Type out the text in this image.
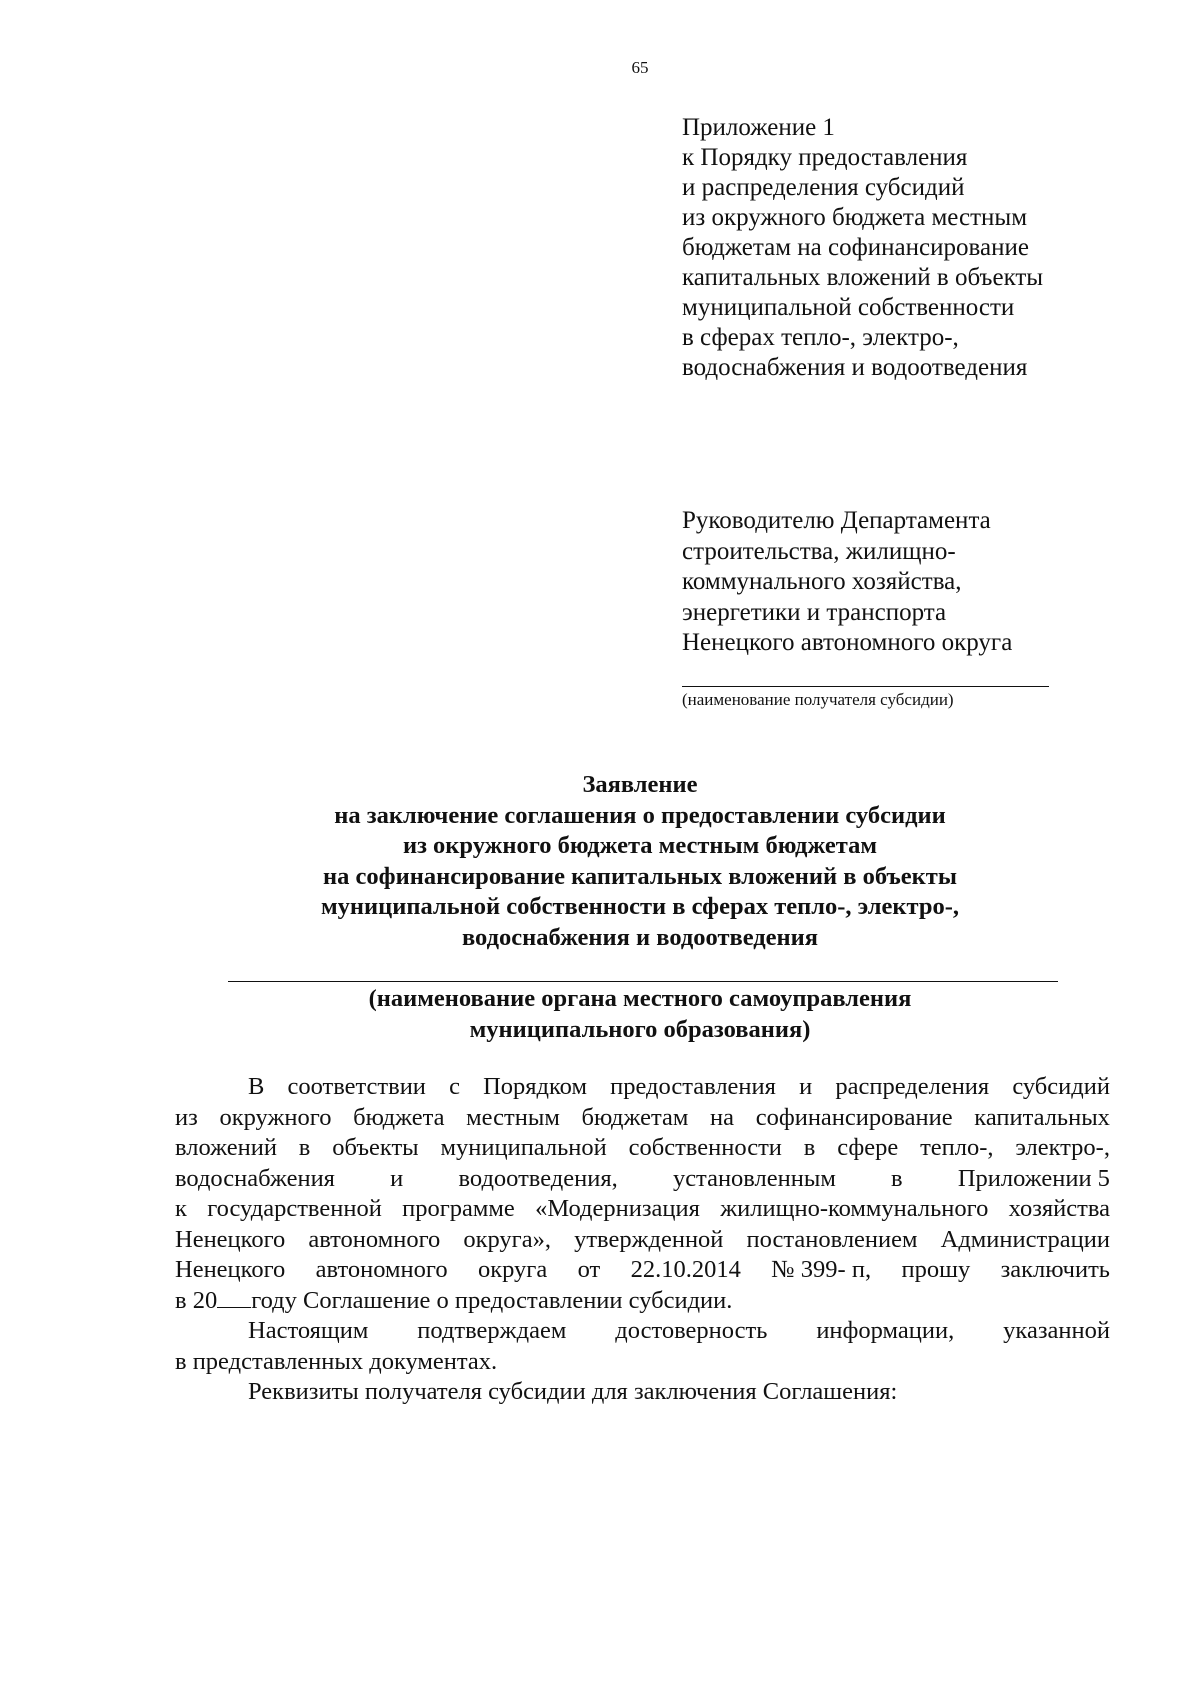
65
Приложение 1
к Порядку предоставления
и распределения субсидий
из окружного бюджета местным
бюджетам на софинансирование
капитальных вложений в объекты
муниципальной собственности
в сферах тепло-, электро-,
водоснабжения и водоотведения
Руководителю Департамента
строительства, жилищно-
коммунального хозяйства,
энергетики и транспорта
Ненецкого автономного округа
(наименование получателя субсидии)
Заявление
на заключение соглашения о предоставлении субсидии
из окружного бюджета местным бюджетам
на софинансирование капитальных вложений в объекты
муниципальной собственности в сферах тепло-, электро-,
водоснабжения и водоотведения
(наименование органа местного самоуправления
муниципального образования)
В соответствии с Порядком предоставления и распределения субсидий
из окружного бюджета местным бюджетам на софинансирование капитальных
вложений в объекты муниципальной собственности в сфере тепло-, электро-,
водоснабжения и водоотведения, установленным в Приложении 5
к государственной программе «Модернизация жилищно-коммунального хозяйства
Ненецкого автономного округа», утвержденной постановлением Администрации
Ненецкого автономного округа от 22.10.2014 № 399- п, прошу заключить
в 20 году Соглашение о предоставлении субсидии.
Настоящим подтверждаем достоверность информации, указанной
в представленных документах.
Реквизиты получателя субсидии для заключения Соглашения:
